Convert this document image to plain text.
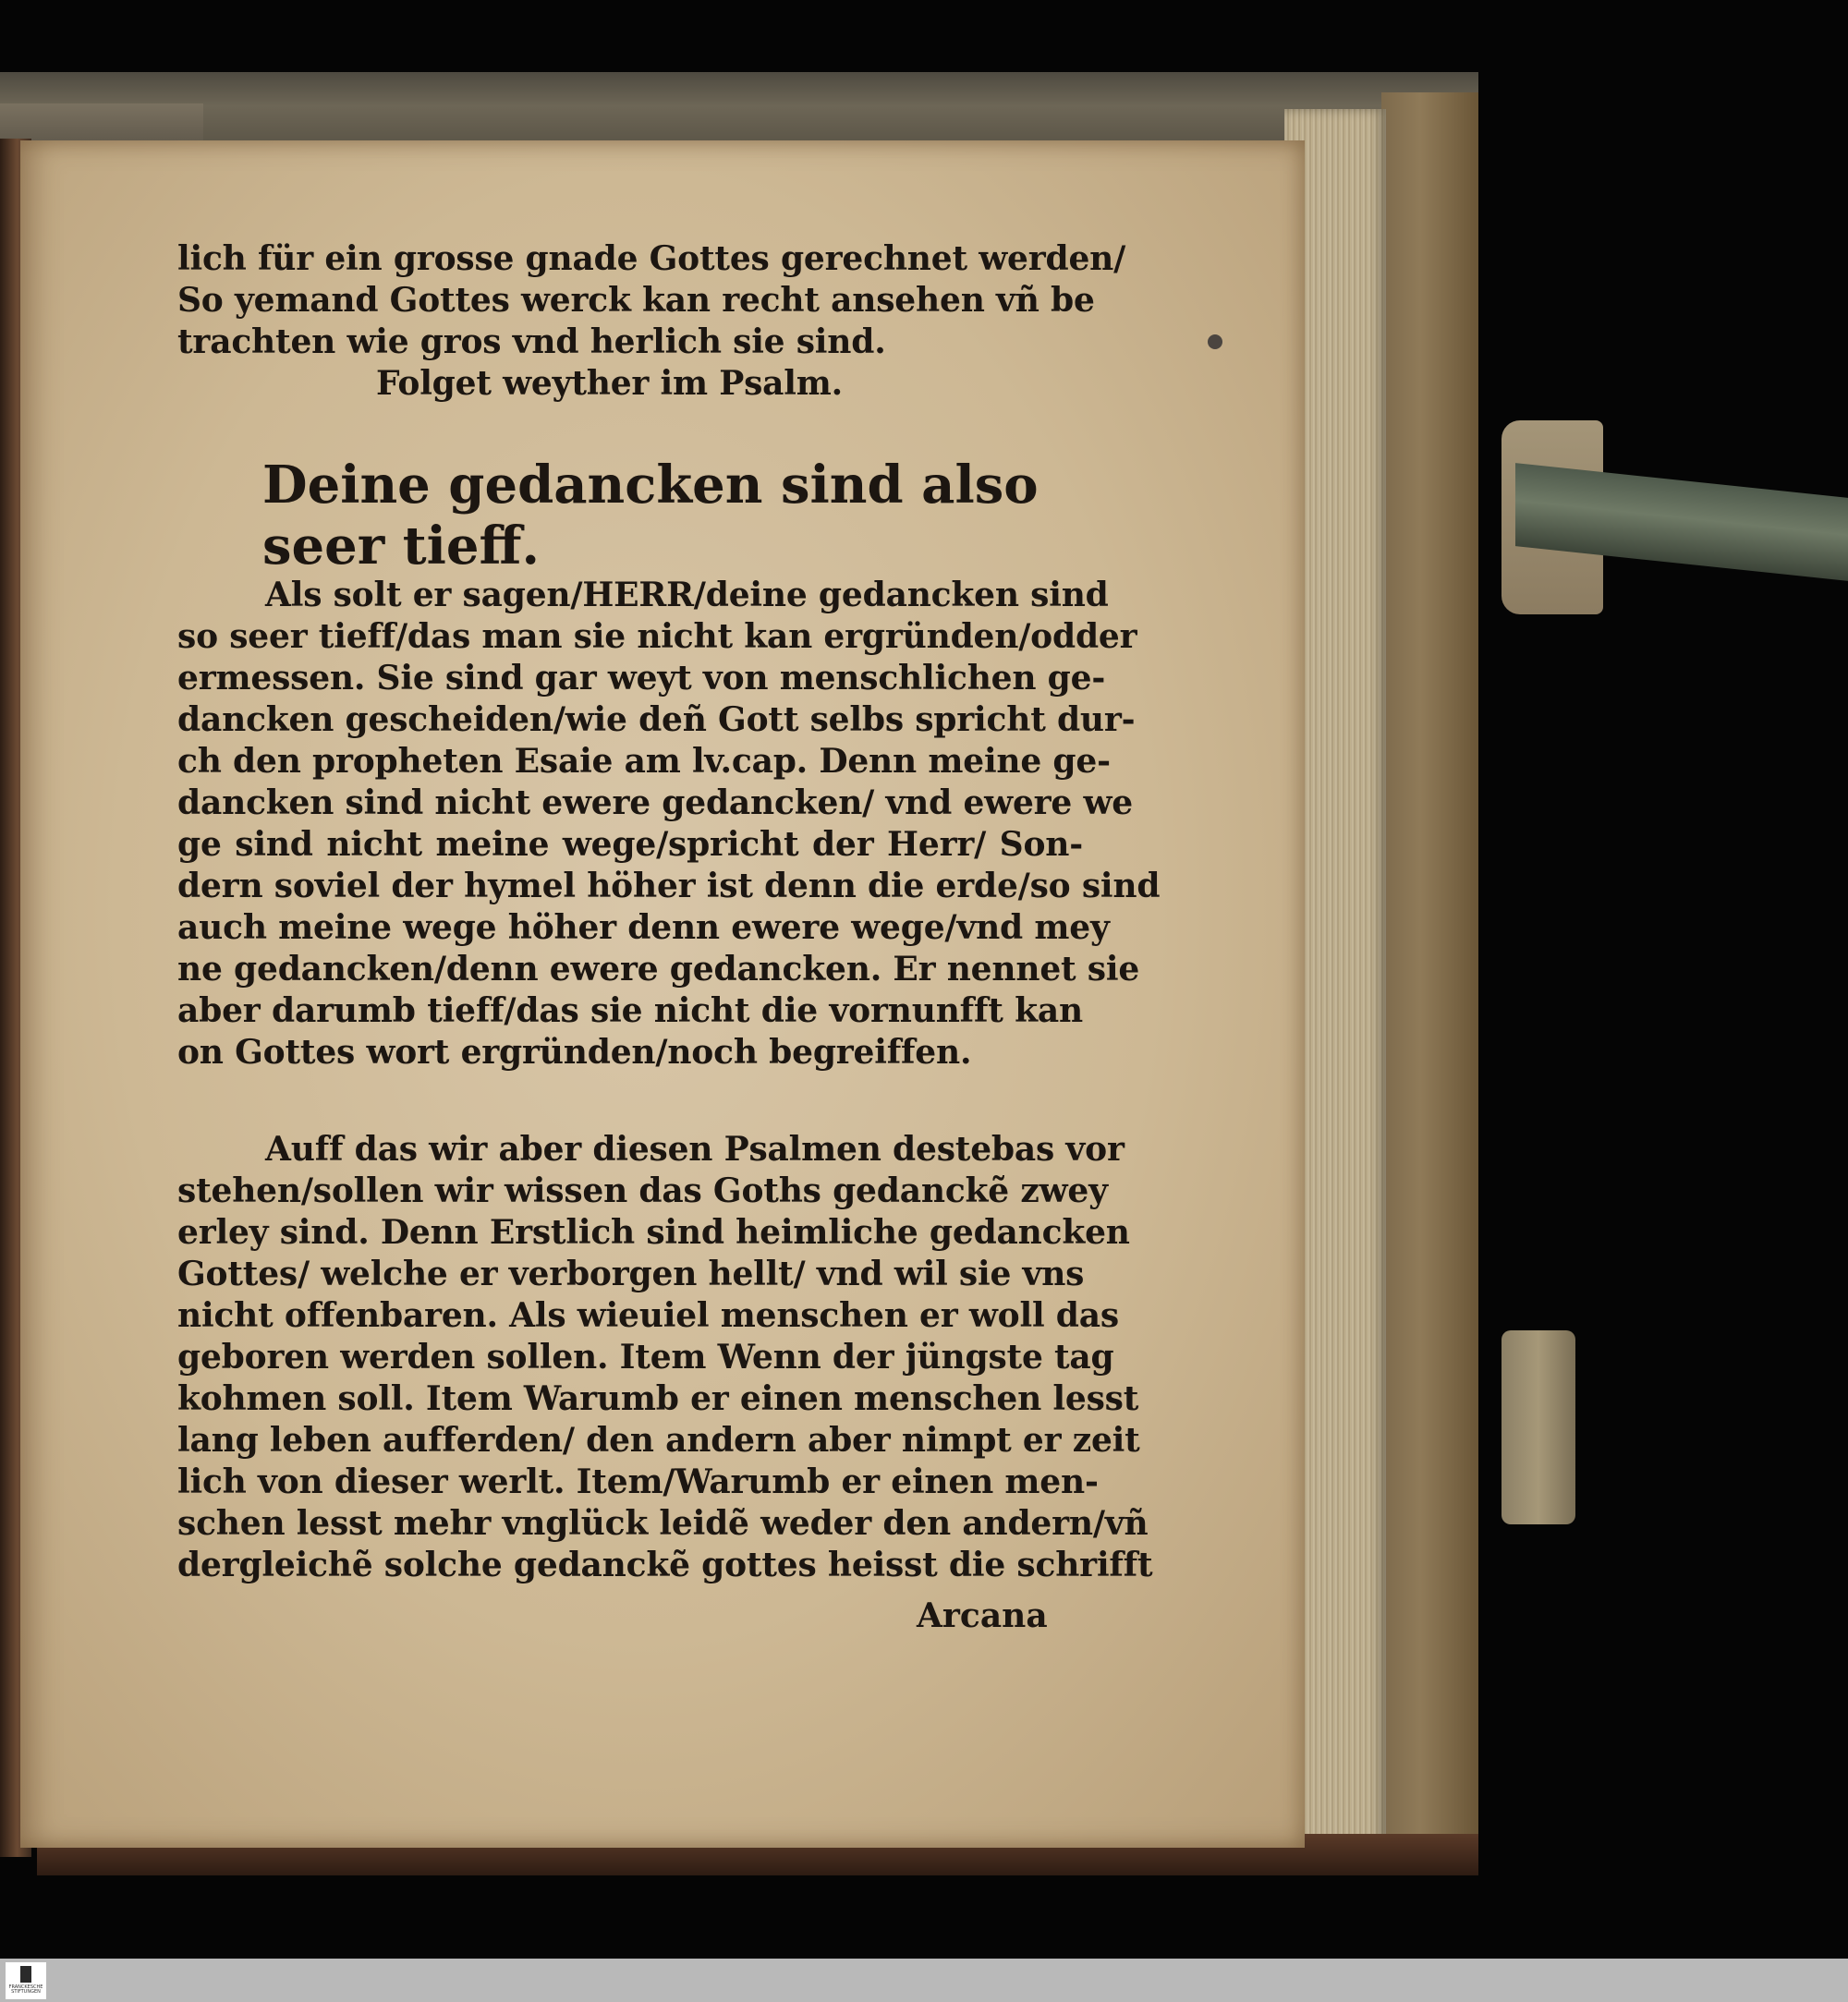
lich für ein grosse gnade Gottes gerechnet werden/
So yemand Gottes werck kan recht ansehen vñ be
trachten wie gros vnd herlich sie sind.
Folget weyther im Psalm.
Deine gedancken sind also
seer tieff.
Als solt er sagen/HERR/deine gedancken sind
so seer tieff/das man sie nicht kan ergründen/odder
ermessen. Sie sind gar weyt von menschlichen ge-
dancken gescheiden/wie deñ Gott selbs spricht dur-
ch den propheten Esaie am lv.cap. Denn meine ge-
dancken sind nicht ewere gedancken/ vnd ewere we
ge sind nicht meine wege/spricht der Herr/ Son-
dern soviel der hymel höher ist denn die erde/so sind
auch meine wege höher denn ewere wege/vnd mey
ne gedancken/denn ewere gedancken. Er nennet sie
aber darumb tieff/das sie nicht die vornunfft kan
on Gottes wort ergründen/noch begreiffen.
Auff das wir aber diesen Psalmen destebas vor
stehen/sollen wir wissen das Goths gedanckẽ zwey
erley sind. Denn Erstlich sind heimliche gedancken
Gottes/ welche er verborgen hellt/ vnd wil sie vns
nicht offenbaren. Als wieuiel menschen er woll das
geboren werden sollen. Item Wenn der jüngste tag
kohmen soll. Item Warumb er einen menschen lesst
lang leben aufferden/ den andern aber nimpt er zeit
lich von dieser werlt. Item/Warumb er einen men-
schen lesst mehr vnglück leidẽ weder den andern/vñ
dergleichẽ solche gedanckẽ gottes heisst die schrifft
Arcana
FRANCKESCHE STIFTUNGEN
